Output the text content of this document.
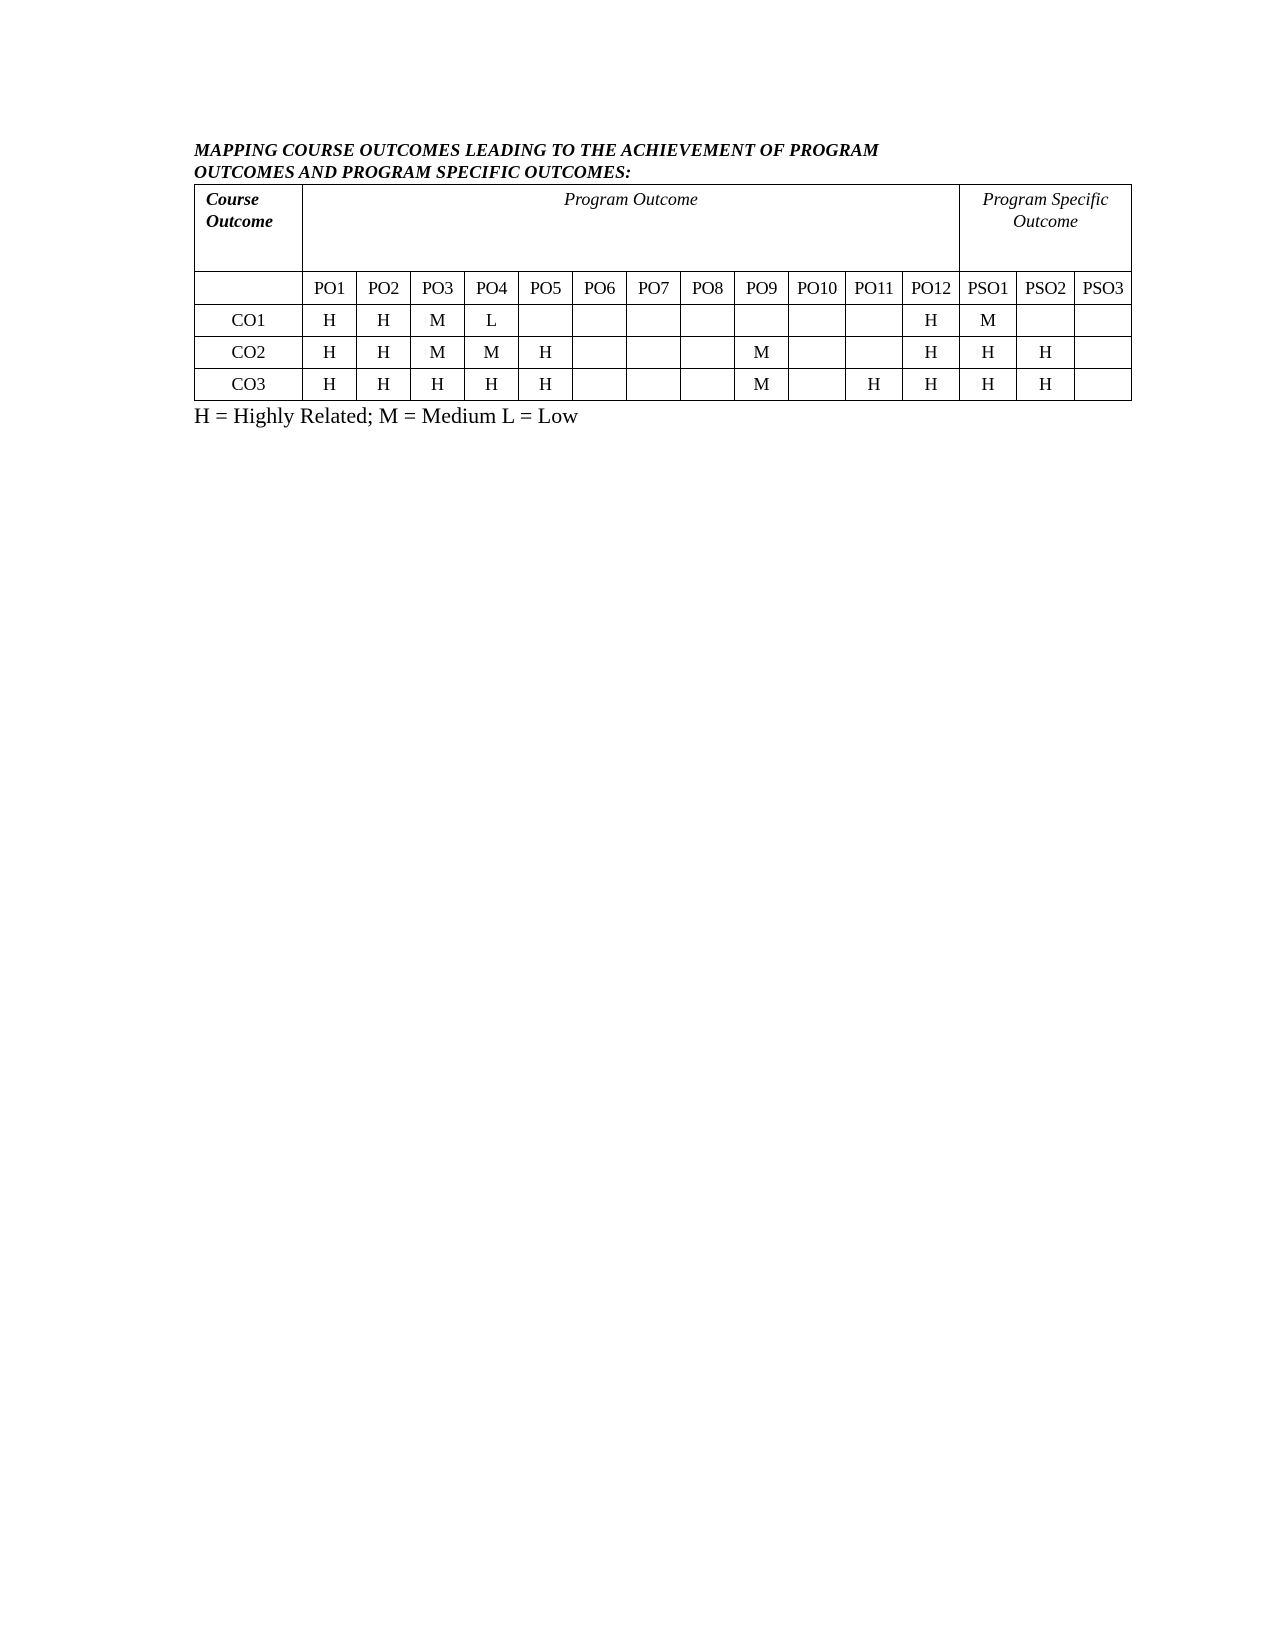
MAPPING COURSE OUTCOMES LEADING TO THE ACHIEVEMENT OF PROGRAM
OUTCOMES AND PROGRAM SPECIFIC OUTCOMES:
Course Outcome	Program Outcome												Program Specific Outcome		
	PO1	PO2	PO3	PO4	PO5	PO6	PO7	PO8	PO9	PO10	PO11	PO12	PSO1	PSO2	PSO3
CO1	H	H	M	L								H	M		
CO2	H	H	M	M	H				M			H	H	H	
CO3	H	H	H	H	H				M		H	H	H	H	
H = Highly Related; M = Medium L = Low
